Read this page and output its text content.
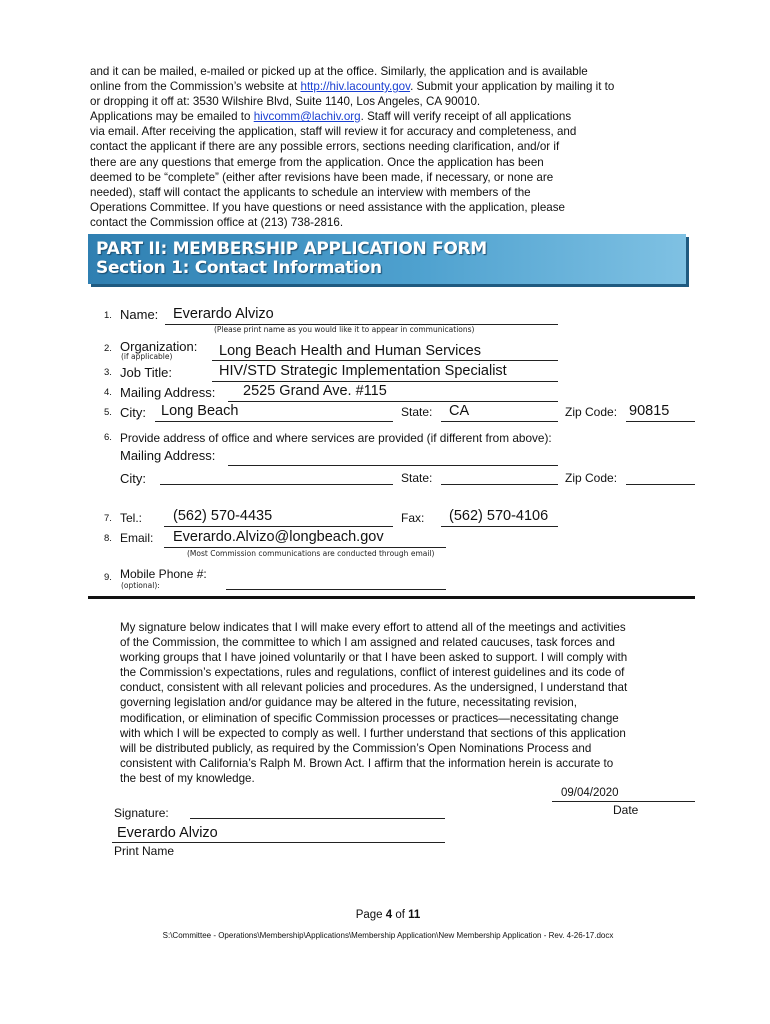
and it can be mailed, e-mailed or picked up at the office. Similarly, the application and is available

online from the Commission’s website at http://hiv.lacounty.gov. Submit your application by mailing it to

or dropping it off at: 3530 Wilshire Blvd, Suite 1140, Los Angeles, CA 90010.

Applications may be emailed to hivcomm@lachiv.org. Staff will verify receipt of all applications

via email. After receiving the application, staff will review it for accuracy and completeness, and

contact the applicant if there are any possible errors, sections needing clarification, and/or if

there are any questions that emerge from the application. Once the application has been

deemed to be “complete” (either after revisions have been made, if necessary, or none are

needed), staff will contact the applicants to schedule an interview with members of the

Operations Committee. If you have questions or need assistance with the application, please

contact the Commission office at (213) 738-2816.

PART II: MEMBERSHIP APPLICATION FORM
Section 1: Contact Information
1. Name: Everardo Alvizo
(Please print name as you would like it to appear in communications)
2. Organization:
(if applicable)	Long Beach Health and Human Services
3. Job Title:	HIV/STD Strategic Implementation Specialist
4. Mailing Address: 2525 Grand Ave. #115
5. City: Long Beach	State: CA	Zip Code: 90815
6. Provide address of office and where services are provided (if different from above):
Mailing Address:
City:	State:	Zip Code:
7. Tel.: (562) 570-4435	Fax: (562) 570-4106
8. Email: Everardo.Alvizo@longbeach.gov
(Most Commission communications are conducted through email)
9. Mobile Phone #:
(optional):

My signature below indicates that I will make every effort to attend all of the meetings and activities

of the Commission, the committee to which I am assigned and related caucuses, task forces and

working groups that I have joined voluntarily or that I have been asked to support. I will comply with

the Commission’s expectations, rules and regulations, conflict of interest guidelines and its code of

conduct, consistent with all relevant policies and procedures. As the undersigned, I understand that

governing legislation and/or guidance may be altered in the future, necessitating revision,

modification, or elimination of specific Commission processes or practices—necessitating change

with which I will be expected to comply as well. I further understand that sections of this application

will be distributed publicly, as required by the Commission’s Open Nominations Process and

consistent with California’s Ralph M. Brown Act. I affirm that the information herein is accurate to

the best of my knowledge.

09/04/2020
Date
Signature:
Everardo Alvizo
Print Name
Page 4 of 11
S:\Committee - Operations\Membership\Applications\Membership Application\New Membership Application - Rev. 4-26-17.docx
